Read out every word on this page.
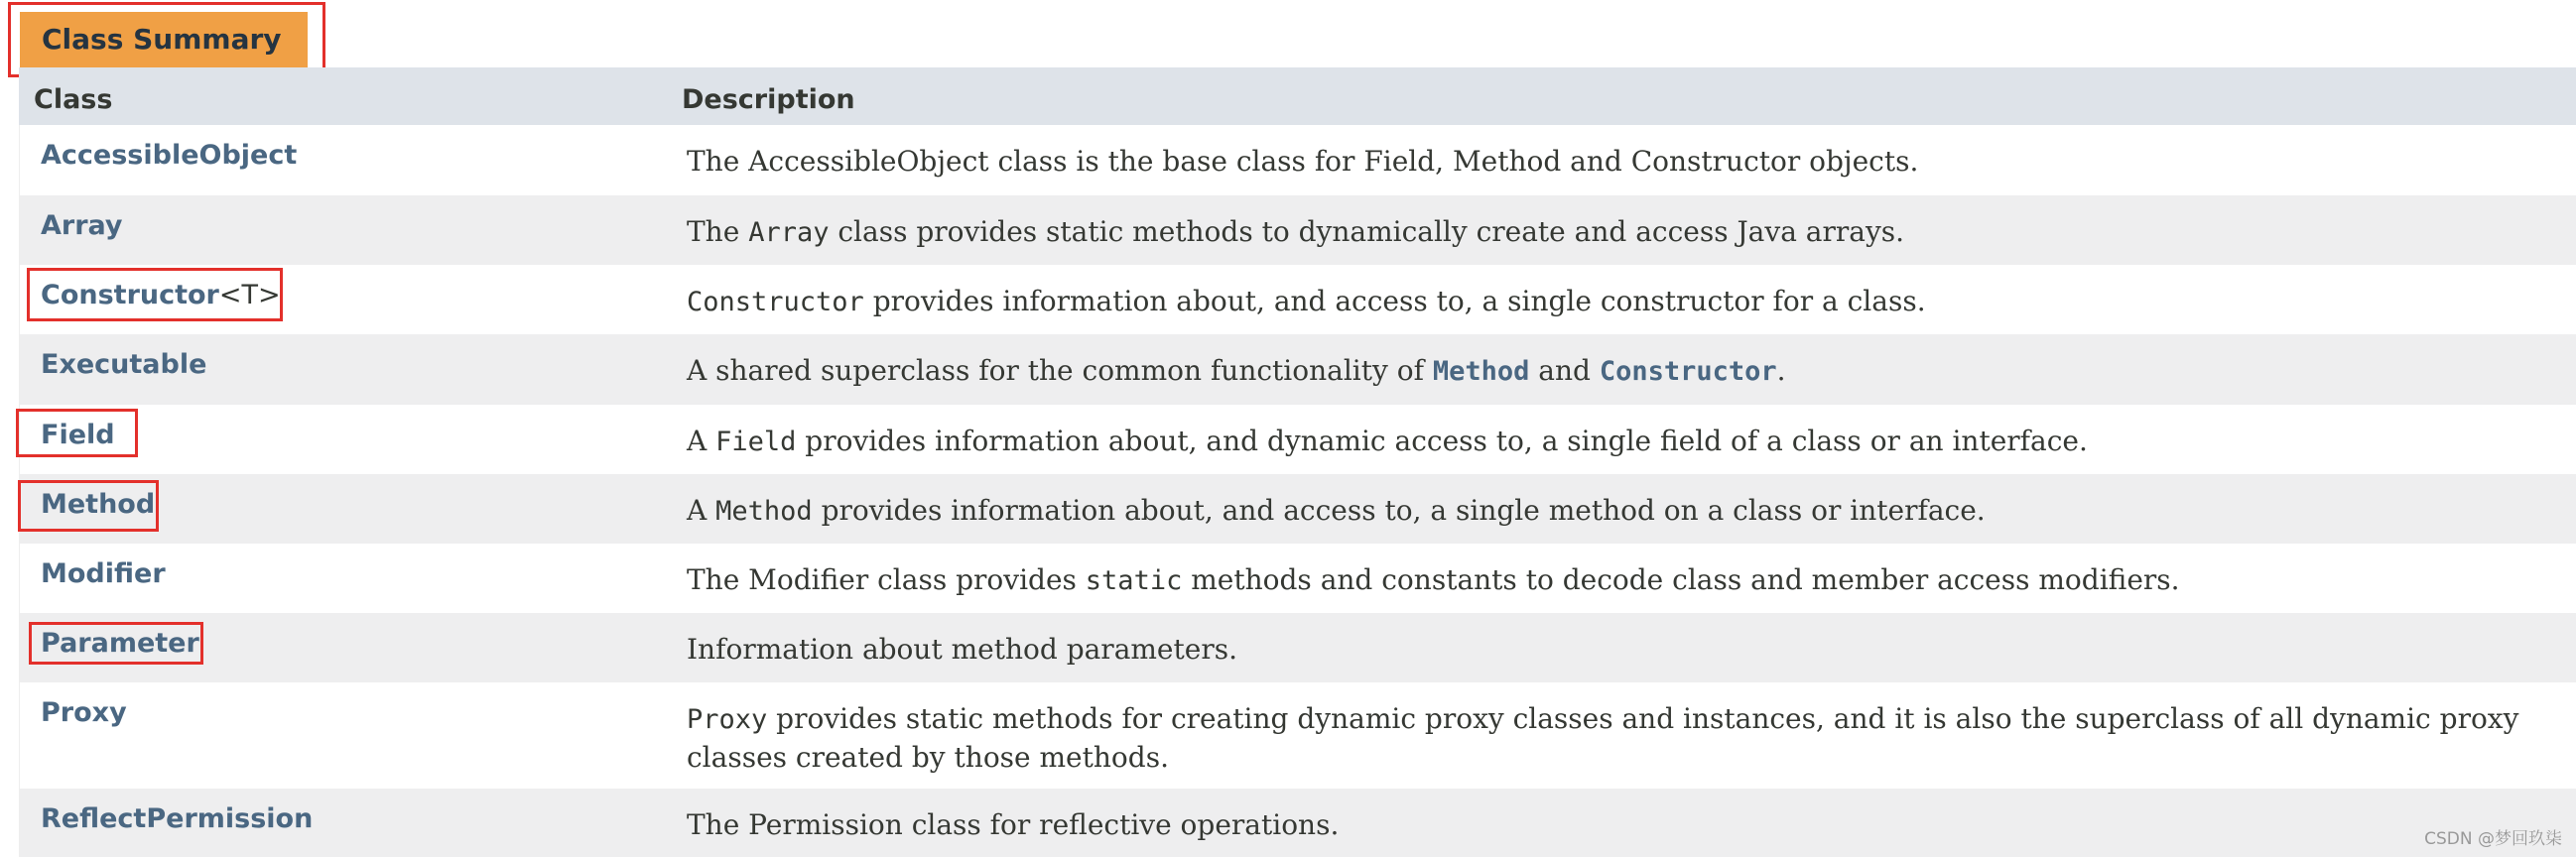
Class Summary
Class	Description
AccessibleObject	The AccessibleObject class is the base class for Field, Method and Constructor objects.
Array	The Array class provides static methods to dynamically create and access Java arrays.
Constructor<T>	Constructor provides information about, and access to, a single constructor for a class.
Executable	A shared superclass for the common functionality of Method and Constructor.
Field	A Field provides information about, and dynamic access to, a single field of a class or an interface.
Method	A Method provides information about, and access to, a single method on a class or interface.
Modifier	The Modifier class provides static methods and constants to decode class and member access modifiers.
Parameter	Information about method parameters.
Proxy	Proxy provides static methods for creating dynamic proxy classes and instances, and it is also the superclass of all dynamic proxy classes created by those methods.
ReflectPermission	The Permission class for reflective operations.	CSDN @梦回玖柒
